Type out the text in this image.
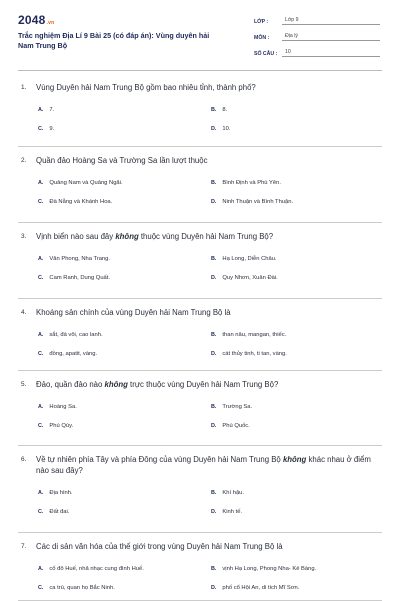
2048.vn
Trắc nghiệm Địa Lí 9 Bài 25 (có đáp án): Vùng duyên hải Nam Trung Bộ
LỚP :	Lớp 9
MÔN :	Địa lý
SỐ CÂU :	10
1. Vùng Duyên hải Nam Trung Bộ gồm bao nhiêu tỉnh, thành phố?
A. 7.	B. 8.
C. 9.	D. 10.
2. Quần đảo Hoàng Sa và Trường Sa lần lượt thuộc
A. Quảng Nam và Quảng Ngãi.	B. Bình Định và Phú Yên.
C. Đà Nẵng và Khánh Hoa.	D. Ninh Thuận và Bình Thuận.
3. Vịnh biển nào sau đây không thuộc vùng Duyên hải Nam Trung Bộ?
A. Vân Phong, Nha Trang.	B. Hạ Long, Diễn Châu.
C. Cam Ranh, Dung Quất.	D. Quy Nhơn, Xuân Đài.
4. Khoáng sản chính của vùng Duyên hải Nam Trung Bộ là
A. sắt, đá vôi, cao lanh.	B. than nâu, mangan, thiếc.
C. đồng, apatit, vàng.	D. cát thủy tinh, ti tan, vàng.
5. Đảo, quần đảo nào không trực thuộc vùng Duyên hải Nam Trung Bộ?
A. Hoàng Sa.	B. Trường Sa.
C. Phú Qúy.	D. Phú Quốc.
6. Về tự nhiên phía Tây và phía Đông của vùng Duyên hải Nam Trung Bộ không khác nhau ở điểm nào sau đây?
A. Địa hình.	B. Khí hậu.
C. Đất đai.	D. Kinh tế.
7. Các di sản văn hóa của thế giới trong vùng Duyên hải Nam Trung Bộ là
A. cố đô Huế, nhã nhạc cung đình Huế.	B. vịnh Hạ Long, Phong Nha- Kẻ Bàng.
C. ca trù, quan họ Bắc Ninh.	D. phố cổ Hội An, di tích Mĩ Sơn.
